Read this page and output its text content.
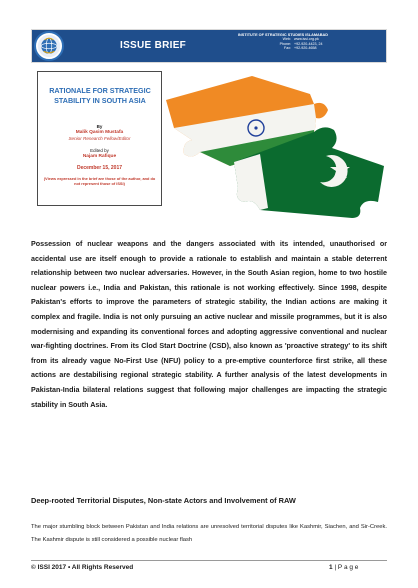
ISSUE BRIEF
INSTITUTE OF STRATEGIC STUDIES ISLAMABAD
Web: www.issi.org.pk
Phone: +92-920-4423, 24
Fax: +92-920-4658
RATIONALE FOR STRATEGIC STABILITY IN SOUTH ASIA
By
Malik Qasim Mustafa
Senior Research Fellow/Editor
Edited by
Najam Rafique
December 15, 2017
(Views expressed in the brief are those of the author, and do not represent those of ISSI)
Possession of nuclear weapons and the dangers associated with its intended, unauthorised or accidental use are itself enough to provide a rationale to establish and maintain a stable deterrent relationship between two nuclear adversaries. However, in the South Asian region, home to two hostile nuclear powers i.e., India and Pakistan, this rationale is not working effectively. Since 1998, despite Pakistan's efforts to improve the parameters of strategic stability, the Indian actions are making it complex and fragile. India is not only pursuing an active nuclear and missile programmes, but it is also modernising and expanding its conventional forces and adopting aggressive conventional and nuclear war-fighting doctrines. From its Clod Start Doctrine (CSD), also known as 'proactive strategy' to its shift from its already vague No-First Use (NFU) policy to a pre-emptive counterforce first strike, all these actions are destabilising regional strategic stability. A further analysis of the latest developments in Pakistan-India bilateral relations suggest that following major challenges are impacting the strategic stability in South Asia.
Deep-rooted Territorial Disputes, Non-state Actors and Involvement of RAW
The major stumbling block between Pakistan and India relations are unresolved territorial disputes like Kashmir, Siachen, and Sir-Creek. The Kashmir dispute is still considered a possible nuclear flash
© ISSI 2017 • All Rights Reserved	1 | P a g e
